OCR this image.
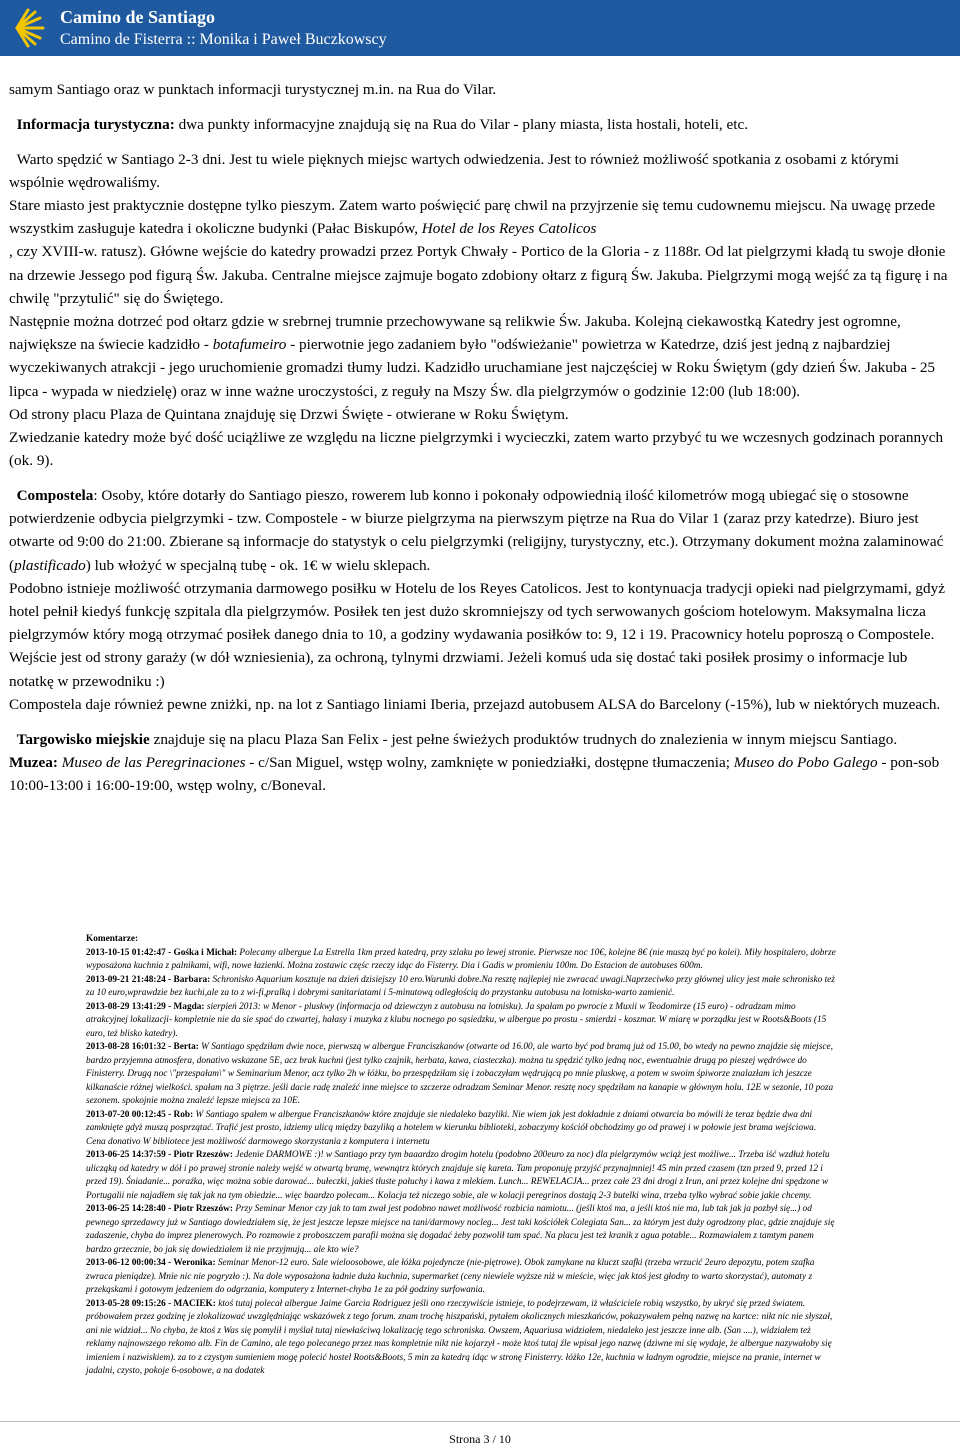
Camino de Santiago
Camino de Fisterra :: Monika i Paweł Buczkowscy

samym Santiago oraz w punktach informacji turystycznej m.in. na Rua do Vilar.

Informacja turystyczna: dwa punkty informacyjne znajdują się na Rua do Vilar - plany miasta, lista hostali, hoteli, etc.

Warto spędzić w Santiago 2-3 dni. Jest tu wiele pięknych miejsc wartych odwiedzenia. Jest to również możliwość spotkania z osobami z którymi wspólnie wędrowaliśmy.

Stare miasto jest praktycznie dostępne tylko pieszym. Zatem warto poświęcić parę chwil na przyjrzenie się temu cudownemu miejscu. Na uwagę przede wszystkim zasługuje katedra i okoliczne budynki (Pałac Biskupów, Hotel de los Reyes Catolicos

, czy XVIII-w. ratusz). Główne wejście do katedry prowadzi przez Portyk Chwały - Portico de la Gloria - z 1188r. Od lat pielgrzymi kładą tu swoje dłonie na drzewie Jessego pod figurą Św. Jakuba. Centralne miejsce zajmuje bogato zdobiony ołtarz z figurą Św. Jakuba. Pielgrzymi mogą wejść za tą figurę i na chwilę "przytulić" się do Świętego.

Następnie można dotrzeć pod ołtarz gdzie w srebrnej trumnie przechowywane są relikwie Św. Jakuba. Kolejną ciekawostką Katedry jest ogromne, największe na świecie kadzidło - botafumeiro - pierwotnie jego zadaniem było "odświeżanie" powietrza w Katedrze, dziś jest jedną z najbardziej wyczekiwanych atrakcji - jego uruchomienie gromadzi tłumy ludzi. Kadzidło uruchamiane jest najczęściej w Roku Świętym (gdy dzień Św. Jakuba - 25 lipca - wypada w niedzielę) oraz w inne ważne uroczystości, z reguły na Mszy Św. dla pielgrzymów o godzinie 12:00 (lub 18:00).

Od strony placu Plaza de Quintana znajduję się Drzwi Święte - otwierane w Roku Świętym.

Zwiedzanie katedry może być dość uciążliwe ze względu na liczne pielgrzymki i wycieczki, zatem warto przybyć tu we wczesnych godzinach porannych (ok. 9).

Compostela: Osoby, które dotarły do Santiago pieszo, rowerem lub konno i pokonały odpowiednią ilość kilometrów mogą ubiegać się o stosowne potwierdzenie odbycia pielgrzymki - tzw. Compostele - w biurze pielgrzyma na pierwszym piętrze na Rua do Vilar 1 (zaraz przy katedrze). Biuro jest otwarte od 9:00 do 21:00. Zbierane są informacje do statystyk o celu pielgrzymki (religijny, turystyczny, etc.). Otrzymany dokument można zalaminować (plastificado) lub włożyć w specjalną tubę - ok. 1€ w wielu sklepach.

Podobno istnieje możliwość otrzymania darmowego posiłku w Hotelu de los Reyes Catolicos. Jest to kontynuacja tradycji opieki nad pielgrzymami, gdyż hotel pełnił kiedyś funkcję szpitala dla pielgrzymów. Posiłek ten jest dużo skromniejszy od tych serwowanych gościom hotelowym. Maksymalna licza pielgrzymów który mogą otrzymać posiłek danego dnia to 10, a godziny wydawania posiłków to: 9, 12 i 19. Pracownicy hotelu poproszą o Compostele. Wejście jest od strony garaży (w dół wzniesienia), za ochroną, tylnymi drzwiami. Jeżeli komuś uda się dostać taki posiłek prosimy o informacje lub notatkę w przewodniku :)

Compostela daje również pewne zniżki, np. na lot z Santiago liniami Iberia, przejazd autobusem ALSA do Barcelony (-15%), lub w niektórych muzeach.

Targowisko miejskie znajduje się na placu Plaza San Felix - jest pełne świeżych produktów trudnych do znalezienia w innym miejscu Santiago.

Muzea: Museo de las Peregrinaciones - c/San Miguel, wstęp wolny, zamknięte w poniedziałki, dostępne tłumaczenia; Museo do Pobo Galego - pon-sob 10:00-13:00 i 16:00-19:00, wstęp wolny, c/Boneval.

Komentarze:

2013-10-15 01:42:47 - Gośka i Michał: Polecamy albergue La Estrella 1km przed katedrą, przy szlaku po lewej stronie. Pierwsze noc 10€, kolejne 8€ (nie muszą być po kolei). Miły hospitalero, dobrze wyposażona kuchnia z palnikami, wifi, nowe łazienki. Można zostawic częśc rzeczy idąc do Fisterry. Dia i Gadis w promieniu 100m. Do Estacion de autobuses 600m.

2013-09-21 21:48:24 - Barbara: Schronisko Aquarium kosztuje na dzień dzisiejszy 10 ero.Warunki dobre.Na resztę najlepiej nie zwracać uwagi.Naprzeciwko przy głównej ulicy jest małe schronisko też za 10 euro,wprawdzie bez kuchi,ale za to z wi-fi,pralką i dobrymi sanitariatami i 5-minutową odległością do przystanku autobusu na lotnisko-warto zamienić.

2013-08-29 13:41:29 - Magda: sierpień 2013: w Menor - pluskwy (informacja od dziewczyn z autobusu na lotnisku). Ja spałam po pwrocie z Muxii w Teodomirze (15 euro) - odradzam mimo atrakcyjnej lokalizacji- kompletnie nie da sie spać do czwartej, hałasy i muzyka z klubu nocnego po sąsiedzku, w albergue po prostu - smierdzi - koszmar. W miarę w porządku jest w Roots&Boots (15 euro, też blisko katedry).

2013-08-28 16:01:32 - Berta: W Santiago spędziłam dwie noce, pierwszą w albergue Franciszkanów (otwarte od 16.00, ale warto być pod bramą już od 15.00, bo wtedy na pewno znajdzie się miejsce, bardzo przyjemna atmosfera, donativo wskazane 5E, acz brak kuchni (jest tylko czajnik, herbata, kawa, ciasteczka). można tu spędzić tylko jedną noc, ewentualnie drugą po pieszej wędrówce do Finisterry. Drugą noc \"przespałam\" w Seminarium Menor, acz tylko 2h w łóżku, bo przespędziłam się i zobaczyłam wędrującą po mnie pluskwę, a potem w swoim śpiworze znalazłam ich jeszcze kilkanaście różnej wielkości. spałam na 3 piętrze. jeśli dacie radę znaleźć inne miejsce to szczerze odradzam Seminar Menor. resztę nocy spędziłam na kanapie w głównym holu. 12E w sezonie, 10 poza sezonem. spokojnie można znaleźć lepsze miejsca za 10E.

2013-07-20 00:12:45 - Rob: W Santiago spałem w albergue Franciszkanów które znajduje sie niedaleko bazyliki. Nie wiem jak jest dokładnie z dniami otwarcia bo mówili że teraz będzie dwa dni zamknięte gdyż muszą posprzątać. Trafić jest prosto, idziemy ulicą między bazyliką a hotelem w kierunku biblioteki, zobaczymy kościół obchodzimy go od prawej i w połowie jest brama wejściowa. Cena donativo W bibliotece jest możliwość darmowego skorzystania z komputera i internetu

2013-06-25 14:37:59 - Piotr Rzeszów: Jedenie DARMOWE :)! w Santiago przy tym baaardzo drogim hotelu (podobno 200euro za noc) dla pielgrzymów wciąż jest możliwe... Trzeba iść wzdłuż hotelu ulicząką od katedry w dół i po prawej stronie należy wejść w otwartą bramę, wewnątrz których znajduje się kareta. Tam proponuję przyjść przynajmniej! 45 min przed czasem (tzn przed 9, przed 12 i przed 19). Śniadanie... poraźka, więc można sobie darować... bułeczki, jakieś tłuste pałuchy i kawa z mlekiem. Lunch... REWELACJA... przez całe 23 dni drogi z Irun, ani przez kolejne dni spędzone w Portugalii nie najadłem się tak jak na tym obiedzie... więc baardzo polecam... Kolacja też niczego sobie, ale w kolacji peregrinos dostają 2-3 butelki wina, trzeba tylko wybrać sobie jakie chcemy.

2013-06-25 14:28:40 - Piotr Rzeszów: Przy Seminar Menor czy jak to tam zwał jest podobno nawet możliwość rozbicia namiotu... (jeśli ktoś ma, a jeśli ktoś nie ma, lub tak jak ja pozbył się...) od pewnego sprzedawcy już w Santiago dowiedziałem się, że jest jeszcze lepsze miejsce na tani/darmowy nocleg... Jest taki kościółek Colegiata San... za którym jest duży ogrodzony plac, gdzie znajduje się zadaszenie, chyba do imprez plenerowych. Po rozmowie z proboszczem parafii można się dogadać żeby pozwolił tam spać. Na placu jest też kranik z agua potable... Rozmawiałem z tamtym panem bardzo grzecznie, bo jak się dowiedziałem iż nie przyjmują... ale kto wie?

2013-06-12 00:00:34 - Weronika: Seminar Menor-12 euro. Sale wieloosobowe, ale łóżka pojedyncze (nie-piętrowe). Obok zamykane na kluczt szafki (trzeba wrzucić 2euro depozytu, potem szafka zwraca pieniądze). Mnie nic nie pogryzło :). Na dole wyposażona ładnie duża kuchnia, supermarket (ceny niewiele wyższe niż w mieście, więc jak ktoś jest głodny to warto skorzystać), automaty z przekąskami i gotowym jedzeniem do odgrzania, komputery z Internet-chyba 1e za pół godziny surfowania.

2013-05-28 09:15:26 - MACIEK: ktoś tutaj polecał albergue Jaime Garcia Rodriguez jeśli ono rzeczywiście istnieje, to podejrzewam, iż właściciele robią wszystko, by ukryć się przed światem. próbowałem przez godzinę je zlokalizować uwzględniając wskazówek z tego forum. znam trochę hiszpański, pytałem okolicznych mieszkańców, pokazywałem pełną nazwę na kartce: nikt nic nie słyszał, ani nie widział... No chyba, że ktoś z Was się pomylił i myślał tutaj niewłaściwą lokalizację tego schroniska. Owszem, Aquariusa widziałem, niedaleko jest jeszcze inne alb. (San ....), widziałem też reklamy najnowszego rekomo alb. Fin de Camino, ale tego polecanego przez mas kompletnie nikt nie kojarzył - może ktoś tutaj źle wpisał jego nazwę (dziwne mi się wydaje, że albergue nazywałoby się imieniem i nazwiskiem). za to z czystym sumieniem mogę polecić hostel Roots&Boots, 5 min za katedrą idąc w stronę Finisterry. łóżko 12e, kuchnia w ładnym ogrodzie, miejsce na pranie, internet w jadalni, czysto, pokoje 6-osobowe, a na dodatek

Strona 3 / 10
